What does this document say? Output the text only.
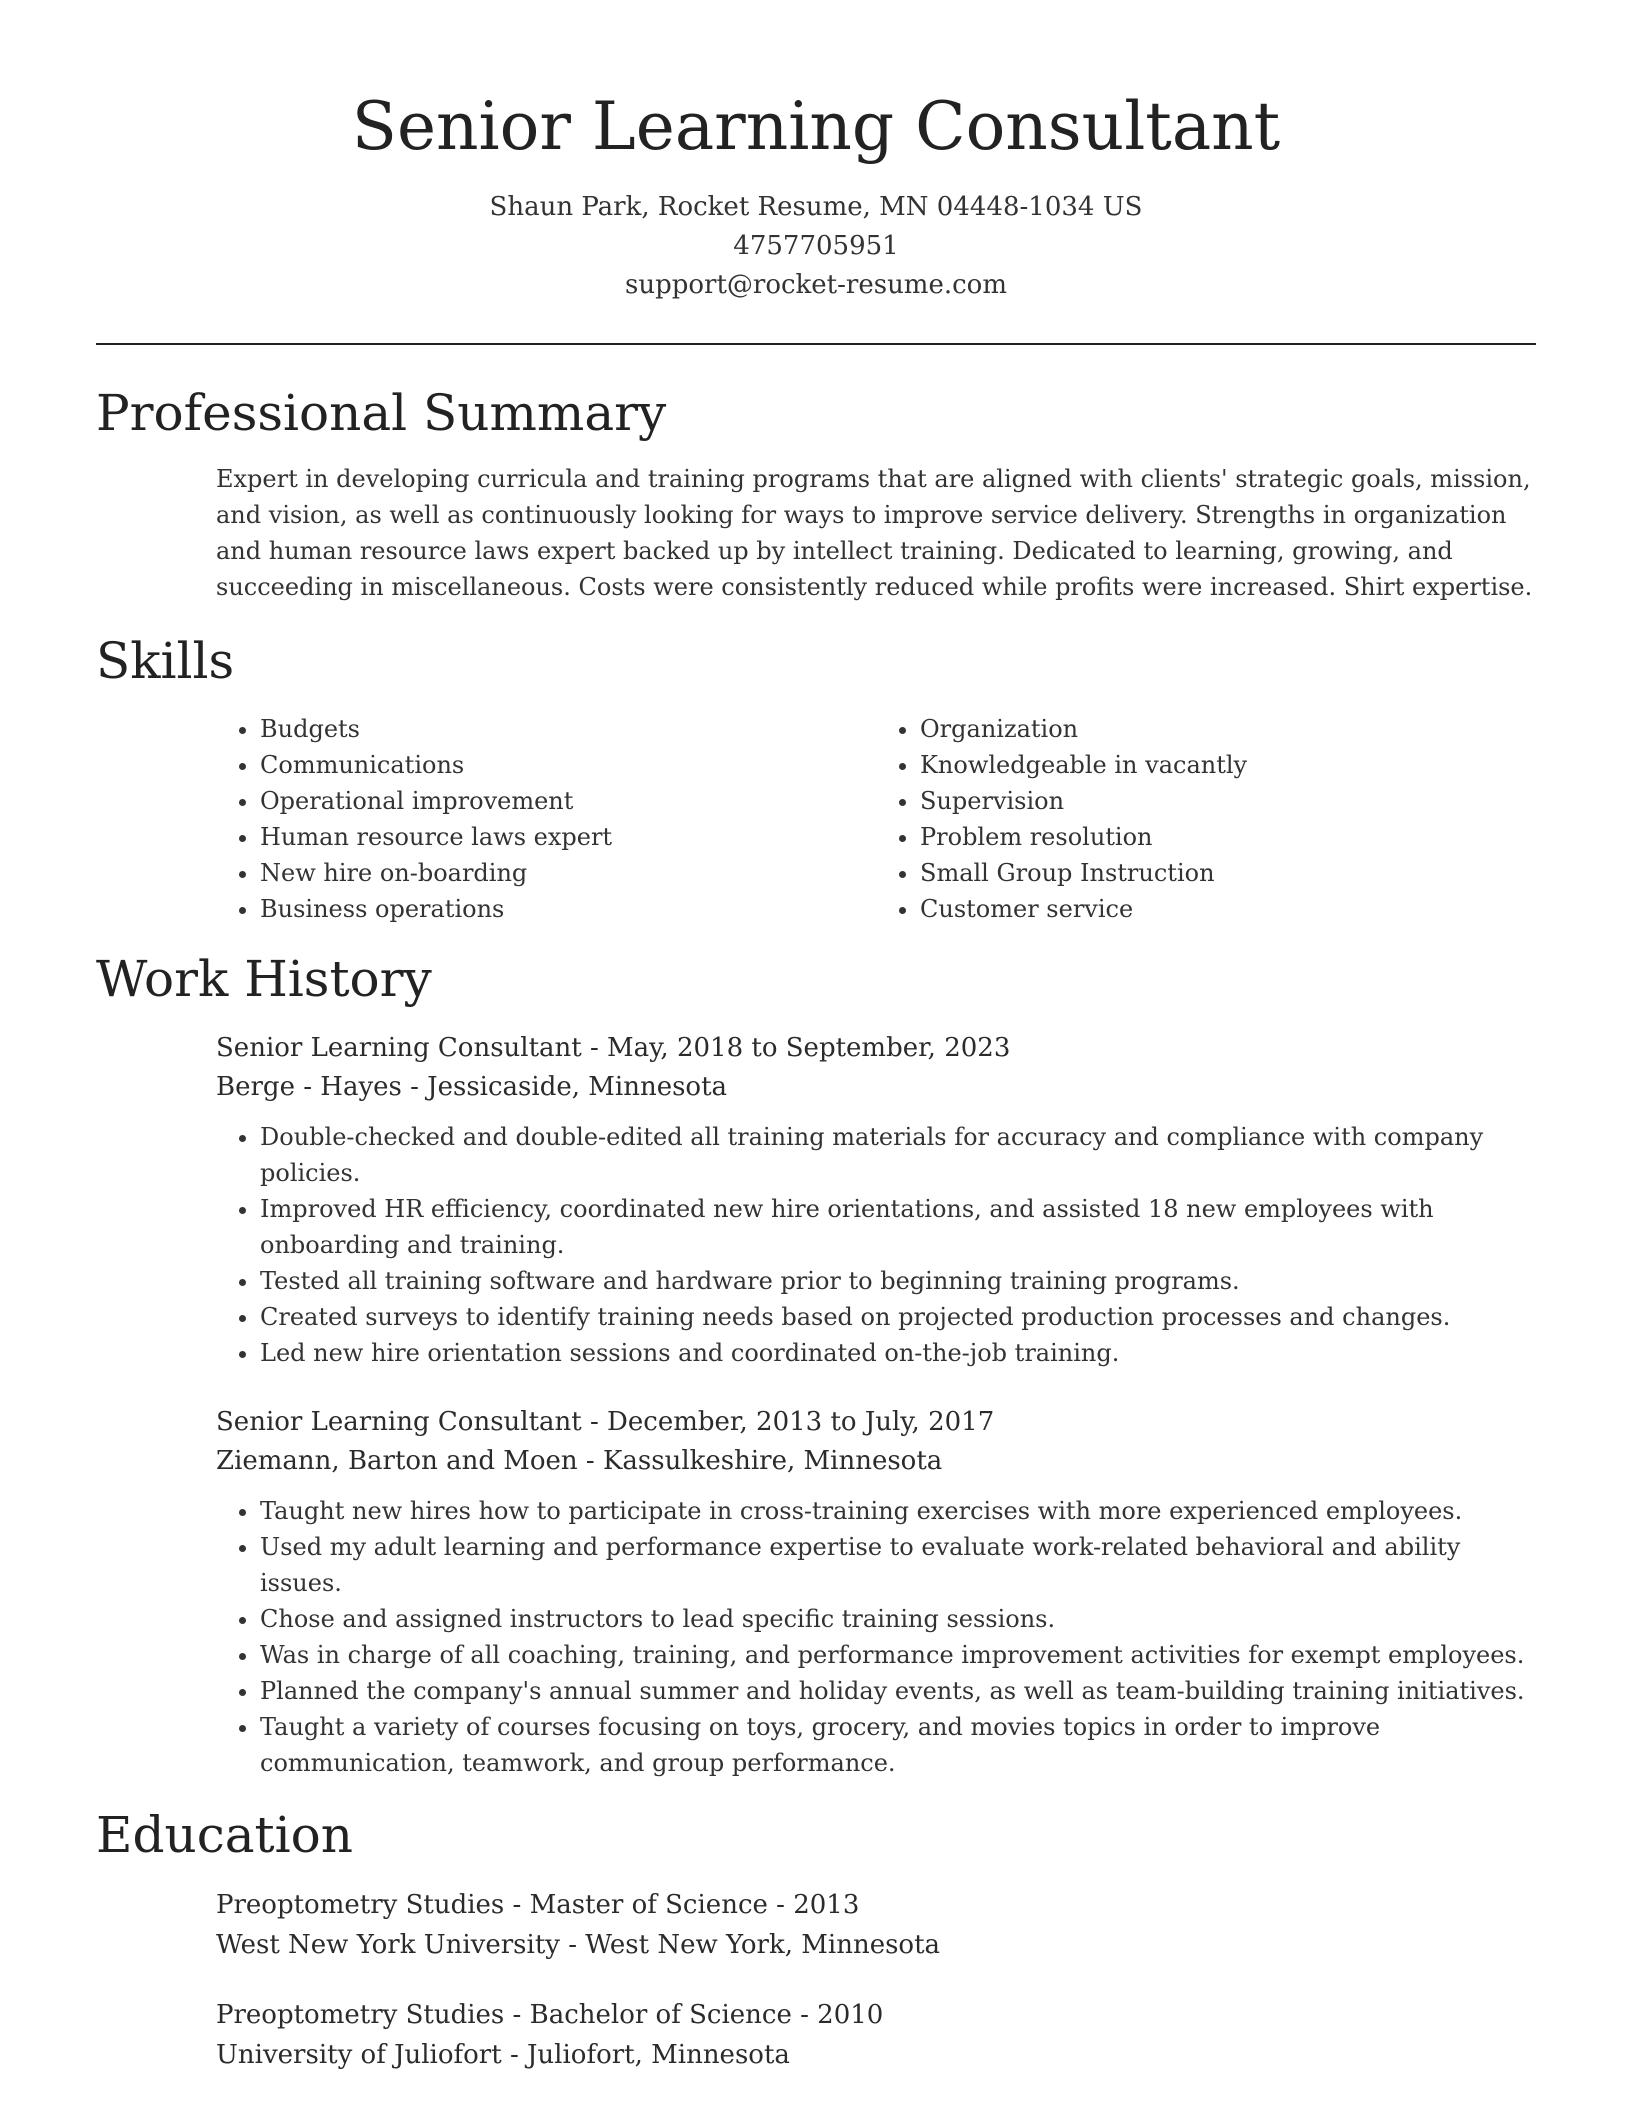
Senior Learning Consultant
Shaun Park, Rocket Resume, MN 04448-1034 US
4757705951
support@rocket-resume.com
Professional Summary

Expert in developing curricula and training programs that are aligned with clients' strategic goals, mission, and vision, as well as continuously looking for ways to improve service delivery. Strengths in organization and human resource laws expert backed up by intellect training. Dedicated to learning, growing, and succeeding in miscellaneous. Costs were consistently reduced while profits were increased. Shirt expertise.

Skills
• Budgets
• Communications
• Operational improvement
• Human resource laws expert
• New hire on-boarding
• Business operations
• Organization
• Knowledgeable in vacantly
• Supervision
• Problem resolution
• Small Group Instruction
• Customer service
Work History
Senior Learning Consultant - May, 2018 to September, 2023
Berge - Hayes - Jessicaside, Minnesota
• Double-checked and double-edited all training materials for accuracy and compliance with company policies.
• Improved HR efficiency, coordinated new hire orientations, and assisted 18 new employees with onboarding and training.
• Tested all training software and hardware prior to beginning training programs.
• Created surveys to identify training needs based on projected production processes and changes.
• Led new hire orientation sessions and coordinated on-the-job training.
Senior Learning Consultant - December, 2013 to July, 2017
Ziemann, Barton and Moen - Kassulkeshire, Minnesota
• Taught new hires how to participate in cross-training exercises with more experienced employees.
• Used my adult learning and performance expertise to evaluate work-related behavioral and ability issues.
• Chose and assigned instructors to lead specific training sessions.
• Was in charge of all coaching, training, and performance improvement activities for exempt employees.
• Planned the company's annual summer and holiday events, as well as team-building training initiatives.
• Taught a variety of courses focusing on toys, grocery, and movies topics in order to improve communication, teamwork, and group performance.
Education
Preoptometry Studies - Master of Science - 2013
West New York University - West New York, Minnesota
Preoptometry Studies - Bachelor of Science - 2010
University of Juliofort - Juliofort, Minnesota
